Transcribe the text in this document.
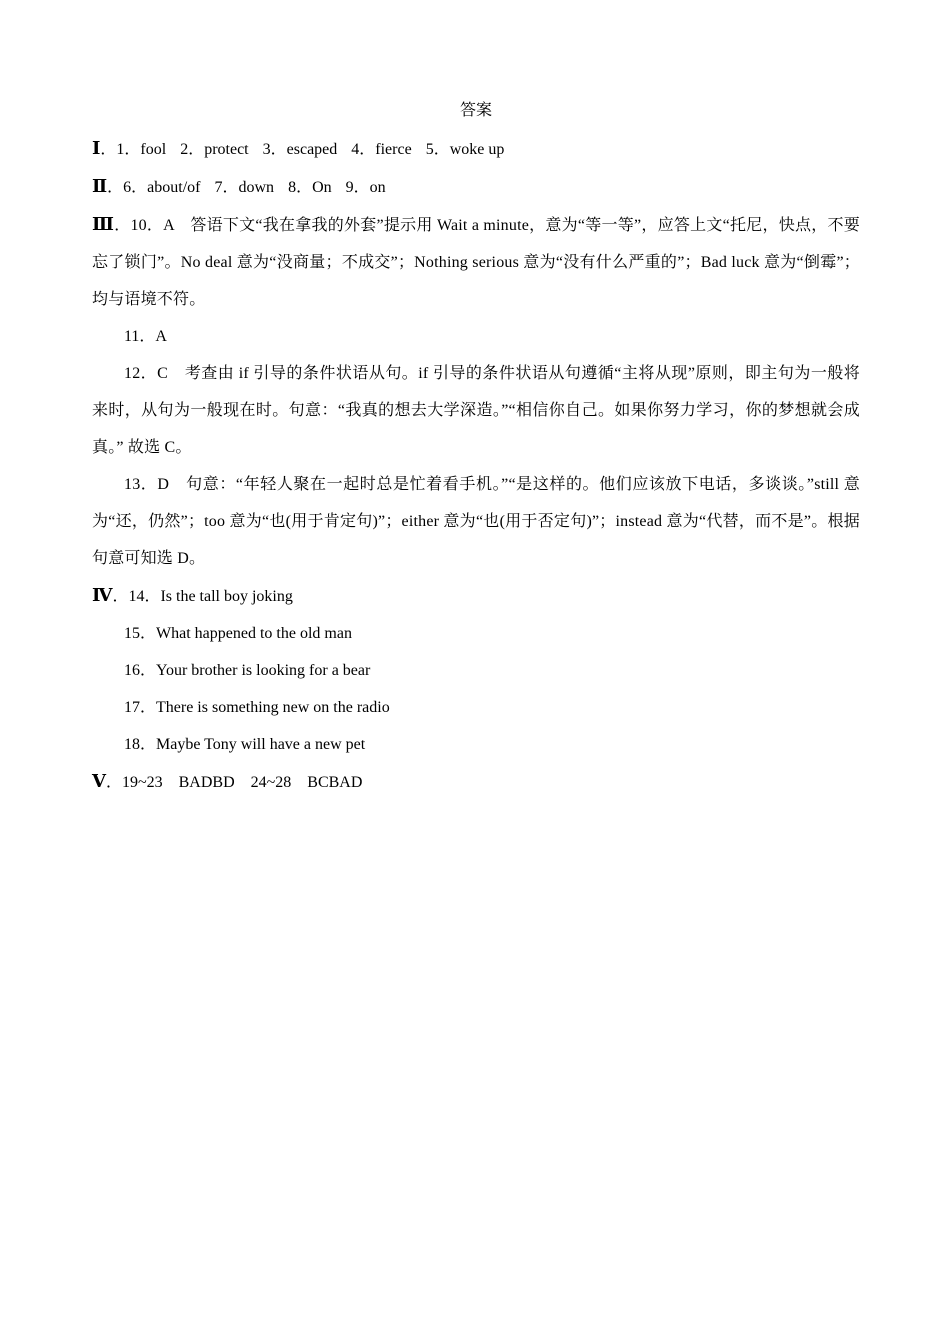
答案
Ⅰ．1．fool 2．protect 3．escaped 4．fierce 5．woke up
Ⅱ．6．about/of 7．down 8．On 9．on
Ⅲ．10．A　答语下文“我在拿我的外套”提示用 Wait a minute，意为“等一等”，应答上文“托尼，快点，不要忘了锁门”。No deal 意为“没商量；不成交”；Nothing serious 意为“没有什么严重的”；Bad luck 意为“倒霉”；均与语境不符。
11．A
12．C　考查由 if 引导的条件状语从句。if 引导的条件状语从句遵循“主将从现”原则，即主句为一般将来时，从句为一般现在时。句意：“我真的想去大学深造。”“相信你自己。如果你努力学习，你的梦想就会成真。” 故选 C。
13．D　句意：“年轻人聚在一起时总是忙着看手机。”“是这样的。他们应该放下电话，多谈谈。”still 意为“还，仍然”；too 意为“也(用于肯定句)”；either 意为“也(用于否定句)”；instead 意为“代替，而不是”。根据句意可知选 D。
Ⅳ．14．Is the tall boy joking
15．What happened to the old man
16．Your brother is looking for a bear
17．There is something new on the radio
18．Maybe Tony will have a new pet
Ⅴ．19~23　BADBD　24~28　BCBAD
